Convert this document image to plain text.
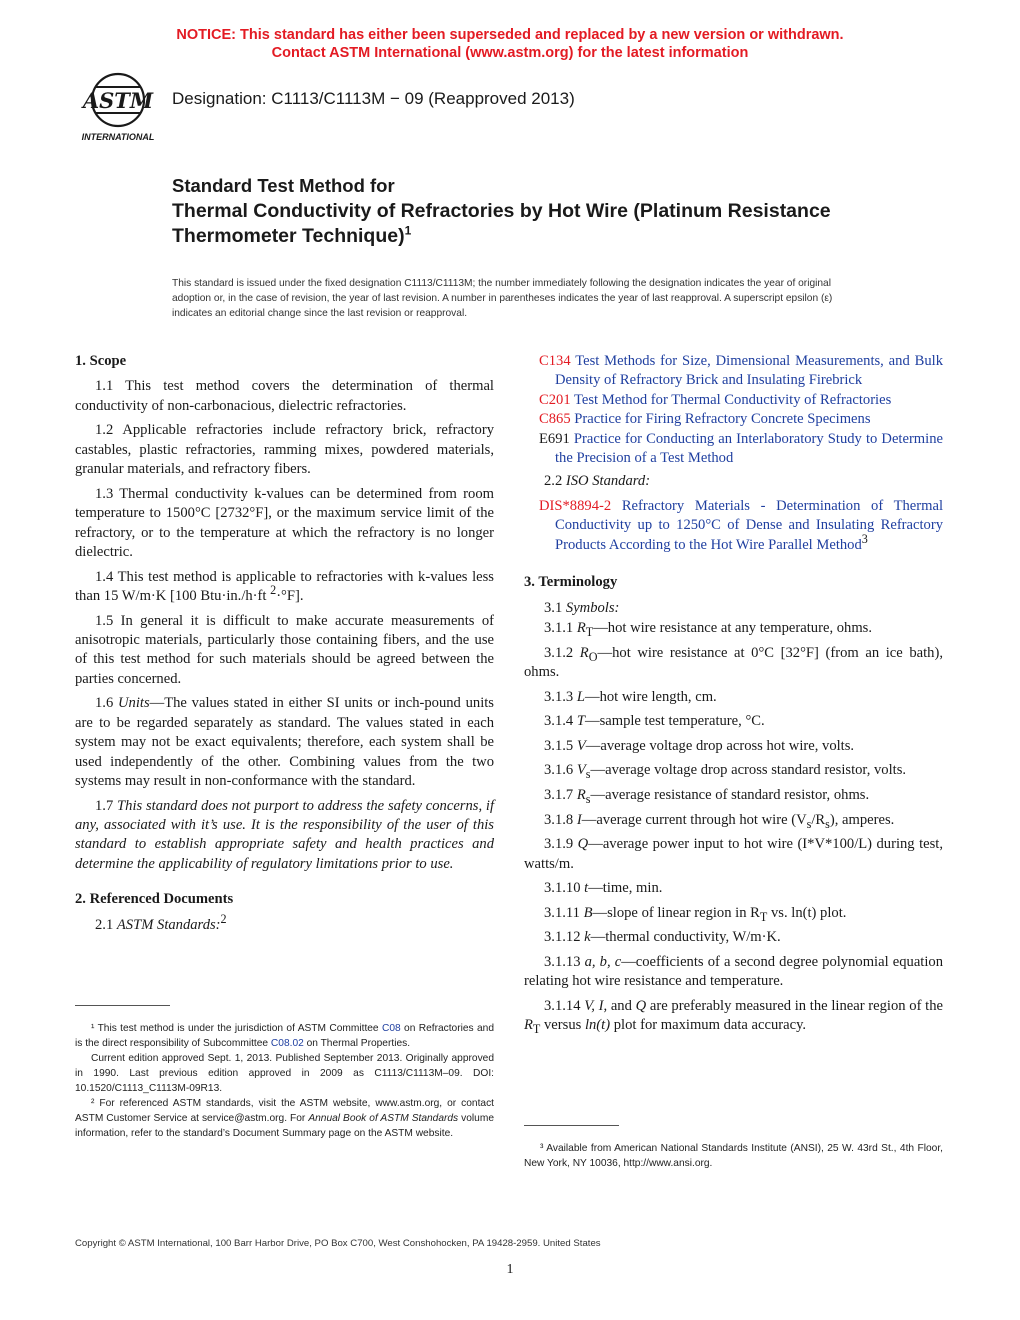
NOTICE: This standard has either been superseded and replaced by a new version or withdrawn.
Contact ASTM International (www.astm.org) for the latest information
ASTM
INTERNATIONAL
Designation: C1113/C1113M − 09 (Reapproved 2013)
Standard Test Method for
Thermal Conductivity of Refractories by Hot Wire (Platinum Resistance Thermometer Technique)$^1$
This standard is issued under the fixed designation C1113/C1113M; the number immediately following the designation indicates the year of original adoption or, in the case of revision, the year of last revision. A number in parentheses indicates the year of last reapproval. A superscript epsilon (ε) indicates an editorial change since the last revision or reapproval.
1. Scope
1.1 This test method covers the determination of thermal conductivity of non-carbonacious, dielectric refractories.
1.2 Applicable refractories include refractory brick, refractory castables, plastic refractories, ramming mixes, powdered materials, granular materials, and refractory fibers.
1.3 Thermal conductivity k-values can be determined from room temperature to 1500°C [2732°F], or the maximum service limit of the refractory, or to the temperature at which the refractory is no longer dielectric.
1.4 This test method is applicable to refractories with k-values less than 15 W/m·K [100 Btu·in./h·ft $^2$·°F].
1.5 In general it is difficult to make accurate measurements of anisotropic materials, particularly those containing fibers, and the use of this test method for such materials should be agreed between the parties concerned.
1.6 Units—The values stated in either SI units or inch-pound units are to be regarded separately as standard. The values stated in each system may not be exact equivalents; therefore, each system shall be used independently of the other. Combining values from the two systems may result in non-conformance with the standard.
1.7 This standard does not purport to address the safety concerns, if any, associated with it’s use. It is the responsibility of the user of this standard to establish appropriate safety and health practices and determine the applicability of regulatory limitations prior to use.
2. Referenced Documents
2.1 ASTM Standards:$^2$

¹ This test method is under the jurisdiction of ASTM Committee C08 on Refractories and is the direct responsibility of Subcommittee C08.02 on Thermal Properties.

Current edition approved Sept. 1, 2013. Published September 2013. Originally approved in 1990. Last previous edition approved in 2009 as C1113/C1113M–09. DOI: 10.1520/C1113_C1113M-09R13.

² For referenced ASTM standards, visit the ASTM website, www.astm.org, or contact ASTM Customer Service at service@astm.org. For Annual Book of ASTM Standards volume information, refer to the standard’s Document Summary page on the ASTM website.

C134 Test Methods for Size, Dimensional Measurements, and Bulk Density of Refractory Brick and Insulating Firebrick

C201 Test Method for Thermal Conductivity of Refractories

C865 Practice for Firing Refractory Concrete Specimens

E691 Practice for Conducting an Interlaboratory Study to Determine the Precision of a Test Method

2.2 ISO Standard:

DIS*8894-2 Refractory Materials - Determination of Thermal Conductivity up to 1250°C of Dense and Insulating Refractory Products According to the Hot Wire Parallel Method$^3$

3. Terminology
3.1 Symbols:
3.1.1 $R_T—hot$ wire resistance at any temperature, ohms.
3.1.2 $R_O—hot$ wire resistance at 0°C [32°F] (from an ice bath), ohms.
3.1.3 L—hot wire length, cm.
3.1.4 T—sample test temperature, °C.
3.1.5 V—average voltage drop across hot wire, volts.
3.1.6 $V_s—average$ voltage drop across standard resistor, volts.
3.1.7 $R_s—average$ resistance of standard resistor, ohms.
3.1.8 I—average current through hot wire $(V_s/R_s)$, amperes.
3.1.9 Q—average power input to hot wire (I*V*100/L) during test, watts/m.
3.1.10 t—time, min.
3.1.11 B—slope of linear region in $R_T$ vs. ln(t) plot.
3.1.12 k—thermal conductivity, W/m·K.
3.1.13 a, b, c—coefficients of a second degree polynomial equation relating hot wire resistance and temperature.
3.1.14 V, I, and Q are preferably measured in the linear region of the $R_T$ versus ln(t) plot for maximum data accuracy.

³ Available from American National Standards Institute (ANSI), 25 W. 43rd St., 4th Floor, New York, NY 10036, http://www.ansi.org.

Copyright © ASTM International, 100 Barr Harbor Drive, PO Box C700, West Conshohocken, PA 19428-2959. United States
1
